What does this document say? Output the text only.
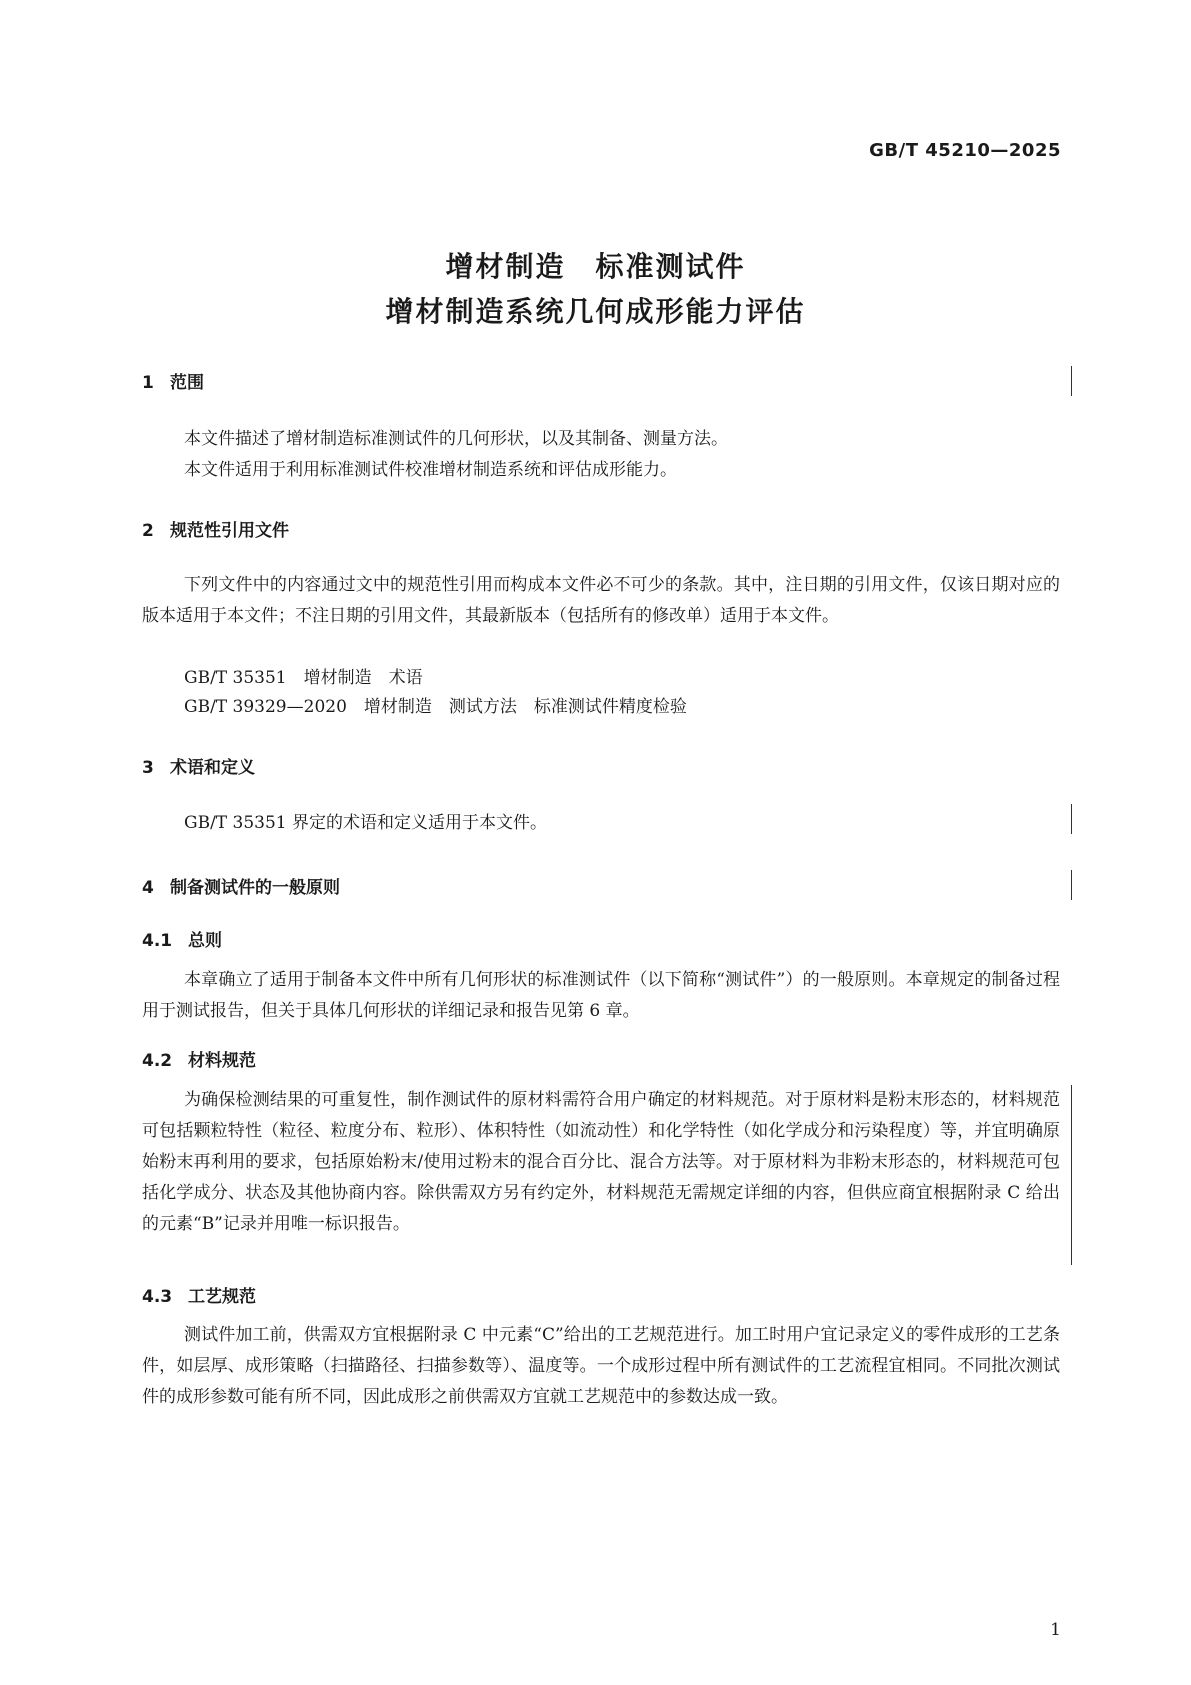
GB/T 45210—2025
增材制造　标准测试件
增材制造系统几何成形能力评估
1 范围
本文件描述了增材制造标准测试件的几何形状，以及其制备、测量方法。
本文件适用于利用标准测试件校准增材制造系统和评估成形能力。
2 规范性引用文件
下列文件中的内容通过文中的规范性引用而构成本文件必不可少的条款。其中，注日期的引用文件，仅该日期对应的版本适用于本文件；不注日期的引用文件，其最新版本（包括所有的修改单）适用于本文件。
GB/T 35351　增材制造　术语
GB/T 39329—2020　增材制造　测试方法　标准测试件精度检验
3 术语和定义
GB/T 35351 界定的术语和定义适用于本文件。
4 制备测试件的一般原则
4.1 总则
本章确立了适用于制备本文件中所有几何形状的标准测试件（以下简称“测试件”）的一般原则。本章规定的制备过程用于测试报告，但关于具体几何形状的详细记录和报告见第 6 章。
4.2 材料规范
为确保检测结果的可重复性，制作测试件的原材料需符合用户确定的材料规范。对于原材料是粉末形态的，材料规范可包括颗粒特性（粒径、粒度分布、粒形）、体积特性（如流动性）和化学特性（如化学成分和污染程度）等，并宜明确原始粉末再利用的要求，包括原始粉末/使用过粉末的混合百分比、混合方法等。对于原材料为非粉末形态的，材料规范可包括化学成分、状态及其他协商内容。除供需双方另有约定外，材料规范无需规定详细的内容，但供应商宜根据附录 C 给出的元素“B”记录并用唯一标识报告。
4.3 工艺规范
测试件加工前，供需双方宜根据附录 C 中元素“C”给出的工艺规范进行。加工时用户宜记录定义的零件成形的工艺条件，如层厚、成形策略（扫描路径、扫描参数等）、温度等。一个成形过程中所有测试件的工艺流程宜相同。不同批次测试件的成形参数可能有所不同，因此成形之前供需双方宜就工艺规范中的参数达成一致。
1
